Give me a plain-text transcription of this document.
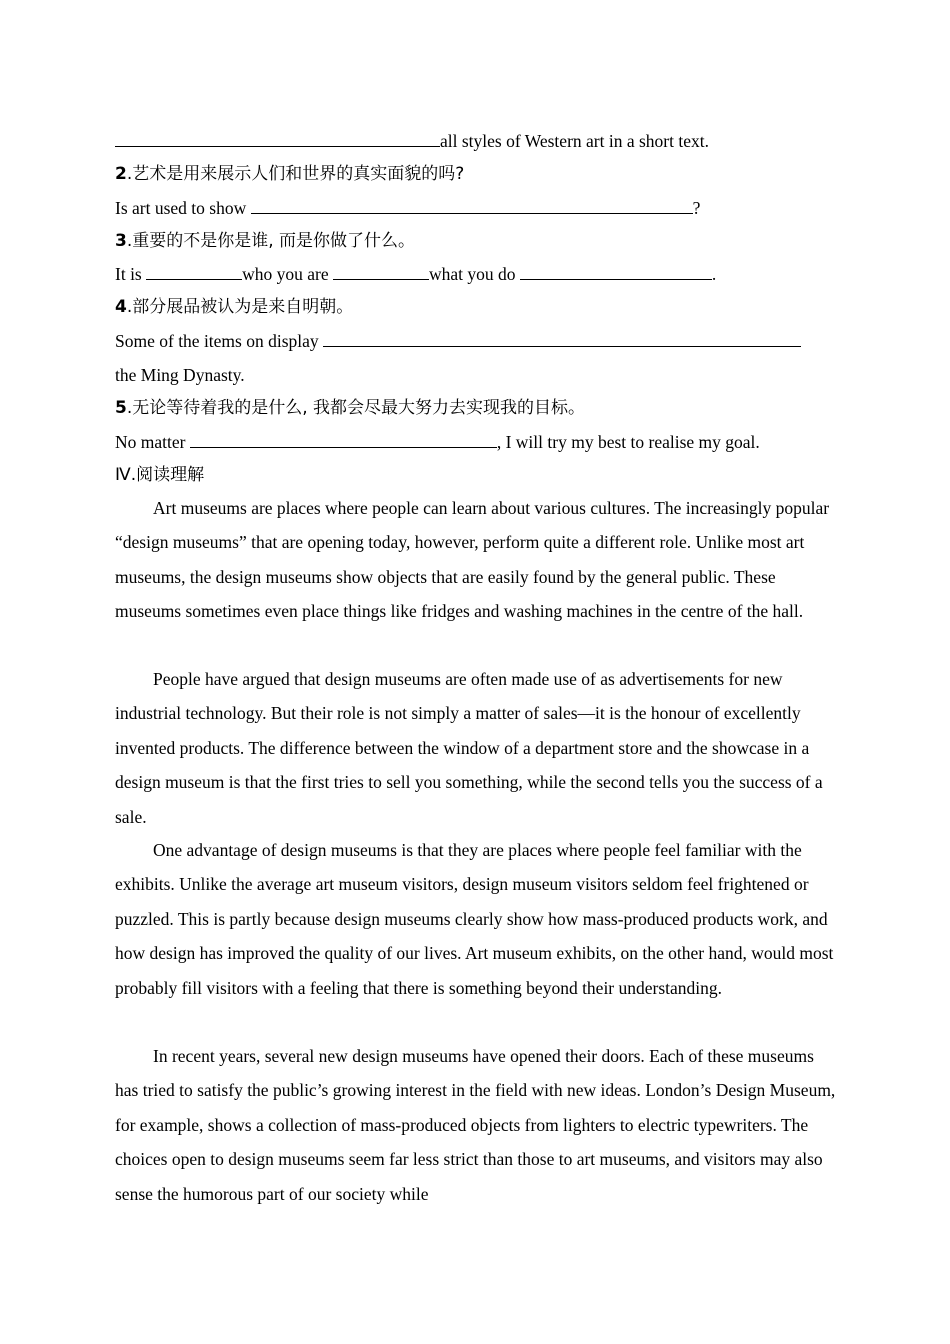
all styles of Western art in a short text.
2.艺术是用来展示人们和世界的真实面貌的吗?
Is art used to show	?
3.重要的不是你是谁, 而是你做了什么。
It is	who you are	what you do	.
4.部分展品被认为是来自明朝。
Some of the items on display
the Ming Dynasty.
5.无论等待着我的是什么, 我都会尽最大努力去实现我的目标。
No matter	, I will try my best to realise my goal.
Ⅳ.阅读理解
Art museums are places where people can learn about various cultures. The increasingly popular “design museums” that are opening today, however, perform quite a different role. Unlike most art museums, the design museums show objects that are easily found by the general public. These museums sometimes even place things like fridges and washing machines in the centre of the hall.
People have argued that design museums are often made use of as advertisements for new industrial technology. But their role is not simply a matter of sales—it is the honour of excellently invented products. The difference between the window of a department store and the showcase in a design museum is that the first tries to sell you something, while the second tells you the success of a sale.
One advantage of design museums is that they are places where people feel familiar with the exhibits. Unlike the average art museum visitors, design museum visitors seldom feel frightened or puzzled. This is partly because design museums clearly show how mass-produced products work, and how design has improved the quality of our lives. Art museum exhibits, on the other hand, would most probably fill visitors with a feeling that there is something beyond their understanding.
In recent years, several new design museums have opened their doors. Each of these museums has tried to satisfy the public’s growing interest in the field with new ideas. London’s Design Museum, for example, shows a collection of mass-produced objects from lighters to electric typewriters. The choices open to design museums seem far less strict than those to art museums, and visitors may also sense the humorous part of our society while
